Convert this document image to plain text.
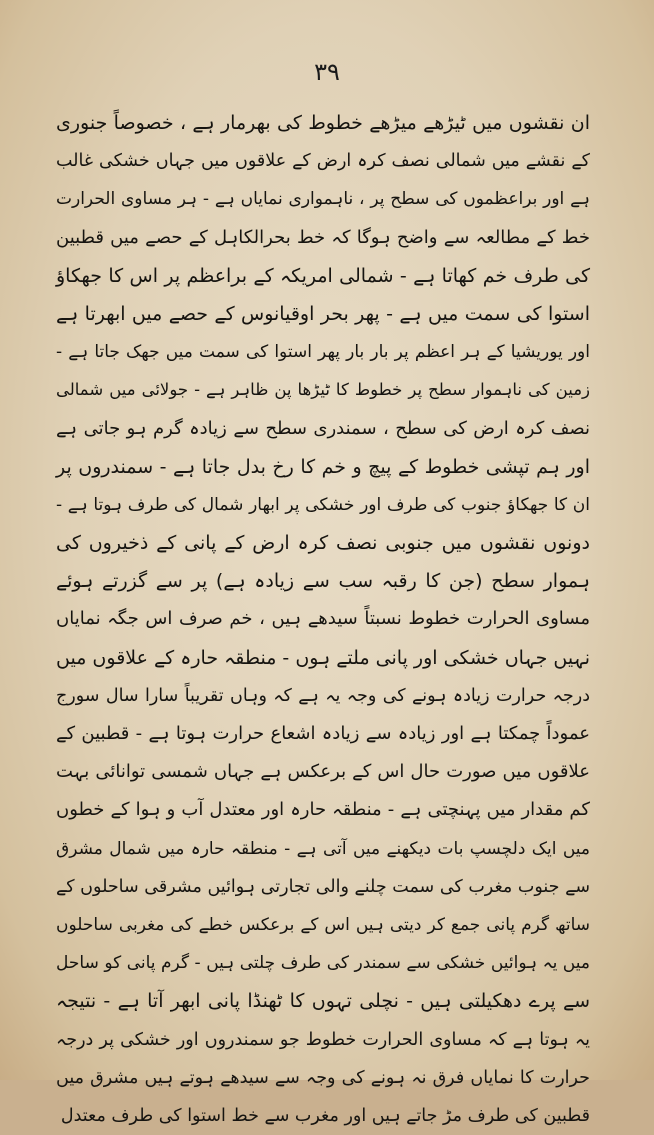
۳۹
ان نقشوں میں ٹیڑھے میڑھے خطوط کی بھرمار ہے ، خصوصاً جنوری
کے نقشے میں شمالی نصف کرہ ارض کے علاقوں میں جہاں خشکی غالب
ہے اور براعظموں کی سطح پر ، ناہمواری نمایاں ہے - ہر مساوی الحرارت
خط کے مطالعہ سے واضح ہوگا کہ خط بحرالکاہل کے حصے میں قطبین
کی طرف خم کھاتا ہے - شمالی امریکہ کے براعظم پر اس کا جھکاؤ
استوا کی سمت میں ہے - پھر بحر اوقیانوس کے حصے میں ابھرتا ہے
اور یوریشیا کے ہر اعظم پر بار بار پھر استوا کی سمت میں جھک جاتا ہے -
زمین کی ناہموار سطح پر خطوط کا ٹیڑھا پن ظاہر ہے - جولائی میں شمالی
نصف کرہ ارض کی سطح ، سمندری سطح سے زیادہ گرم ہو جاتی ہے
اور ہم تپشی خطوط کے پیچ و خم کا رخ بدل جاتا ہے - سمندروں پر
ان کا جھکاؤ جنوب کی طرف اور خشکی پر ابھار شمال کی طرف ہوتا ہے -
دونوں نقشوں میں جنوبی نصف کرہ ارض کے پانی کے ذخیروں کی
ہموار سطح (جن کا رقبہ سب سے زیادہ ہے) پر سے گزرتے ہوئے
مساوی الحرارت خطوط نسبتاً سیدھے ہیں ، خم صرف اس جگہ نمایاں
نہیں جہاں خشکی اور پانی ملتے ہوں - منطقہ حارہ کے علاقوں میں
درجہ حرارت زیادہ ہونے کی وجہ یہ ہے کہ وہاں تقریباً سارا سال سورج
عموداً چمکتا ہے اور زیادہ سے زیادہ اشعاع حرارت ہوتا ہے - قطبین کے
علاقوں میں صورت حال اس کے برعکس ہے جہاں شمسی توانائی بہت
کم مقدار میں پہنچتی ہے - منطقہ حارہ اور معتدل آب و ہوا کے خطوں
میں ایک دلچسپ بات دیکھنے میں آتی ہے - منطقہ حارہ میں شمال مشرق
سے جنوب مغرب کی سمت چلنے والی تجارتی ہوائیں مشرقی ساحلوں کے
ساتھ گرم پانی جمع کر دیتی ہیں اس کے برعکس خطے کی مغربی ساحلوں
میں یہ ہوائیں خشکی سے سمندر کی طرف چلتی ہیں - گرم پانی کو ساحل
سے پرے دھکیلتی ہیں - نچلی تہوں کا ٹھنڈا پانی ابھر آتا ہے - نتیجہ
یہ ہوتا ہے کہ مساوی الحرارت خطوط جو سمندروں اور خشکی پر درجہ
حرارت کا نمایاں فرق نہ ہونے کی وجہ سے سیدھے ہوتے ہیں مشرق میں
قطبین کی طرف مڑ جاتے ہیں اور مغرب سے خط استوا کی طرف معتدل
